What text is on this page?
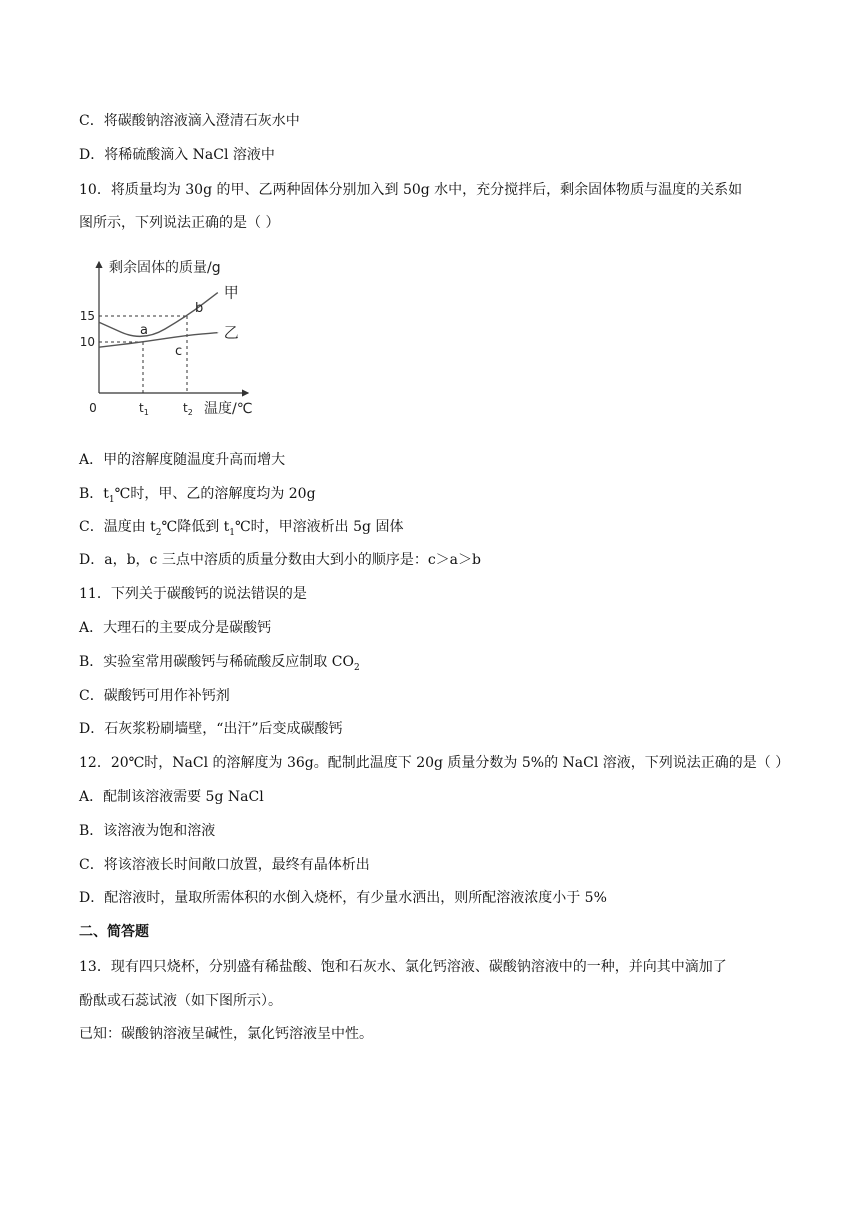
C．将碳酸钠溶液滴入澄清石灰水中
D．将稀硫酸滴入 NaCl 溶液中
10．将质量均为 30g 的甲、乙两种固体分别加入到 50g 水中，充分搅拌后，剩余固体物质与温度的关系如
图所示，下列说法正确的是（ ）
剩余固体的质量/g
温度/℃
0
10
15
$t_1$	$t_2$
甲
乙
a
b
c
A．甲的溶解度随温度升高而增大
B．$t_1℃$时，甲、乙的溶解度均为 20g
C．温度由 $t_2℃$降低到 $t_1℃$时，甲溶液析出 5g 固体
D．a，b，c 三点中溶质的质量分数由大到小的顺序是：c＞a＞b
11．下列关于碳酸钙的说法错误的是
A．大理石的主要成分是碳酸钙
B．实验室常用碳酸钙与稀硫酸反应制取 $CO_2$
C．碳酸钙可用作补钙剂
D．石灰浆粉刷墙壁，“出汗”后变成碳酸钙
12．20℃时，NaCl 的溶解度为 36g。配制此温度下 20g 质量分数为 5%的 NaCl 溶液，下列说法正确的是（ ）
A．配制该溶液需要 5g NaCl
B．该溶液为饱和溶液
C．将该溶液长时间敞口放置，最终有晶体析出
D．配溶液时，量取所需体积的水倒入烧杯，有少量水洒出，则所配溶液浓度小于 5%
二、简答题
13．现有四只烧杯，分别盛有稀盐酸、饱和石灰水、氯化钙溶液、碳酸钠溶液中的一种，并向其中滴加了
酚酞或石蕊试液（如下图所示）。
已知：碳酸钠溶液呈碱性，氯化钙溶液呈中性。
